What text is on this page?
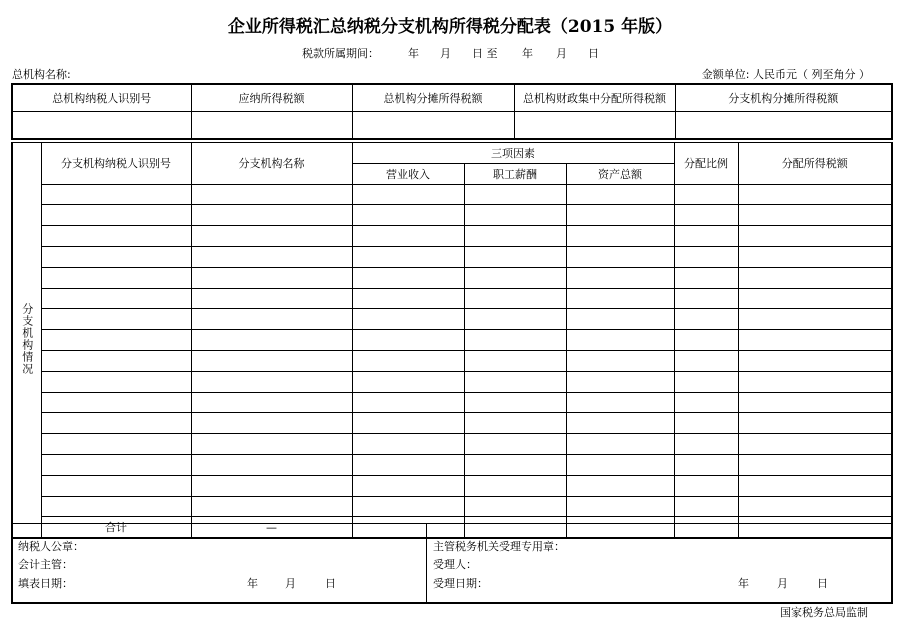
企业所得税汇总纳税分支机构所得税分配表（2015 年版）
税款所属期间：	年 月 日 至 年 月 日
总机构名称:	金额单位: 人民币元（ 列至角分 ）
总机构纳税人识别号	应纳所得税额	总机构分摊所得税额	总机构财政集中分配所得税额	分支机构分摊所得税额

分支机构情况	分支机构纳税人识别号	分支机构名称	三项因素			分配比例	分配所得税额
			营业收入	职工薪酬	资产总额		

	合计	—					
纳税人公章：
会计主管：
填表日期：	年 月	日
主管税务机关受理专用章：
受理人：
受理日期：	年	月	日
国家税务总局监制
